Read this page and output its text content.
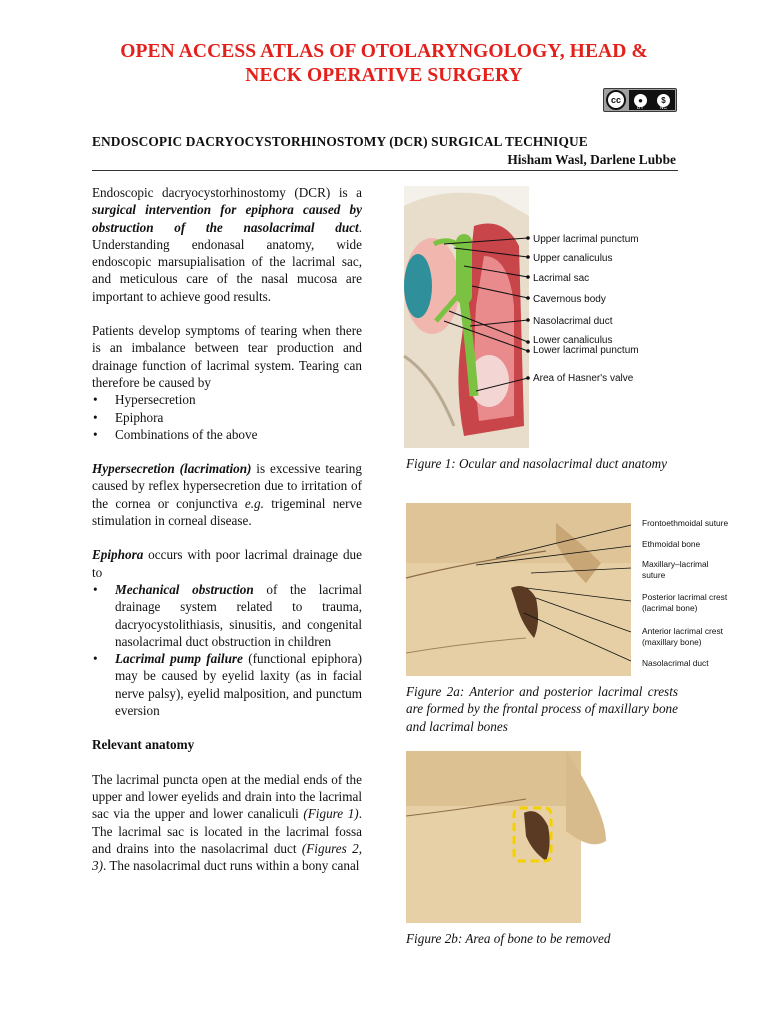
OPEN ACCESS ATLAS OF OTOLARYNGOLOGY, HEAD &
NECK OPERATIVE SURGERY
cc	●	$
BY	NC
ENDOSCOPIC DACRYOCYSTORHINOSTOMY (DCR) SURGICAL TECHNIQUE
Hisham Wasl, Darlene Lubbe

Endoscopic dacryocystorhinostomy (DCR) is a surgical intervention for epiphora caused by obstruction of the nasolacrimal duct. Understanding endonasal anatomy, wide endoscopic marsupialisation of the lacrimal sac, and meticulous care of the nasal mucosa are important to achieve good results.

Patients develop symptoms of tearing when there is an imbalance between tear production and drainage function of lacrimal system. Tearing can therefore be caused by

• Hypersecretion
• Epiphora
• Combinations of the above

Hypersecretion (lacrimation) is excessive tearing caused by reflex hypersecretion due to irritation of the cornea or conjunctiva e.g. trigeminal nerve stimulation in corneal disease.

Epiphora occurs with poor lacrimal drainage due to

• Mechanical obstruction of the lacrimal drainage system related to trauma, dacryocystolithiasis, sinusitis, and congenital nasolacrimal duct obstruction in children
• Lacrimal pump failure (functional epiphora) may be caused by eyelid laxity (as in facial nerve palsy), eyelid malposition, and punctum eversion
Relevant anatomy

The lacrimal puncta open at the medial ends of the upper and lower eyelids and drain into the lacrimal sac via the upper and lower canaliculi (Figure 1). The lacrimal sac is located in the lacrimal fossa and drains into the nasolacrimal duct (Figures 2, 3). The nasolacrimal duct runs within a bony canal

Upper lacrimal punctum
Upper canaliculus
Lacrimal sac
Cavernous body
Nasolacrimal duct
Lower canaliculus
Lower lacrimal punctum
Area of Hasner's valve
Figure 1: Ocular and nasolacrimal duct anatomy
Frontoethmoidal suture
Ethmoidal bone
Maxillary–lacrimal
suture
Posterior lacrimal crest
(lacrimal bone)
Anterior lacrimal crest
(maxillary bone)
Nasolacrimal duct
Figure 2a: Anterior and posterior lacrimal crests are formed by the frontal process of maxillary bone and lacrimal bones
Figure 2b: Area of bone to be removed
